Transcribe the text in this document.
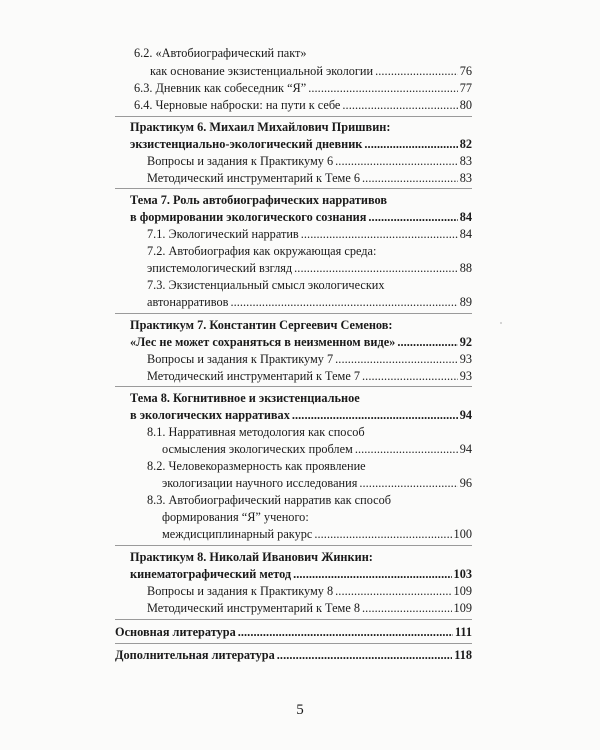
6.2. «Автобиографический пакт»
как основание экзистенциальной экологии . . .	76
6.3. Дневник как собеседник “Я” . . .	77
6.4. Черновые наброски: на пути к себе . . .	80
Практикум 6. Михаил Михайлович Пришвин:
экзистенциально-экологический дневник . . .	82
Вопросы и задания к Практикуму 6 . . .	83
Методический инструментарий к Теме 6 . . .	83
Тема 7. Роль автобиографических нарративов
в формировании экологического сознания . . .	84
7.1. Экологический нарратив . . .	84
7.2. Автобиография как окружающая среда:
эпистемологический взгляд . . .	88
7.3. Экзистенциальный смысл экологических
автонарративов . . .	89
Практикум 7. Константин Сергеевич Семенов:
«Лес не может сохраняться в неизменном виде» . . .	92
Вопросы и задания к Практикуму 7 . . .	93
Методический инструментарий к Теме 7 . . .	93
Тема 8. Когнитивное и экзистенциальное
в экологических нарративах . . .	94
8.1. Нарративная методология как способ
осмысления экологических проблем . . .	94
8.2. Человекоразмерность как проявление
экологизации научного исследования . . .	96
8.3. Автобиографический нарратив как способ
формирования “Я” ученого:
междисциплинарный ракурс . . .	100
Практикум 8. Николай Иванович Жинкин:
кинематографический метод . . .	103
Вопросы и задания к Практикуму 8 . . .	109
Методический инструментарий к Теме 8 . . .	109
Основная литература . . .	111
Дополнительная литература . . .	118
5
